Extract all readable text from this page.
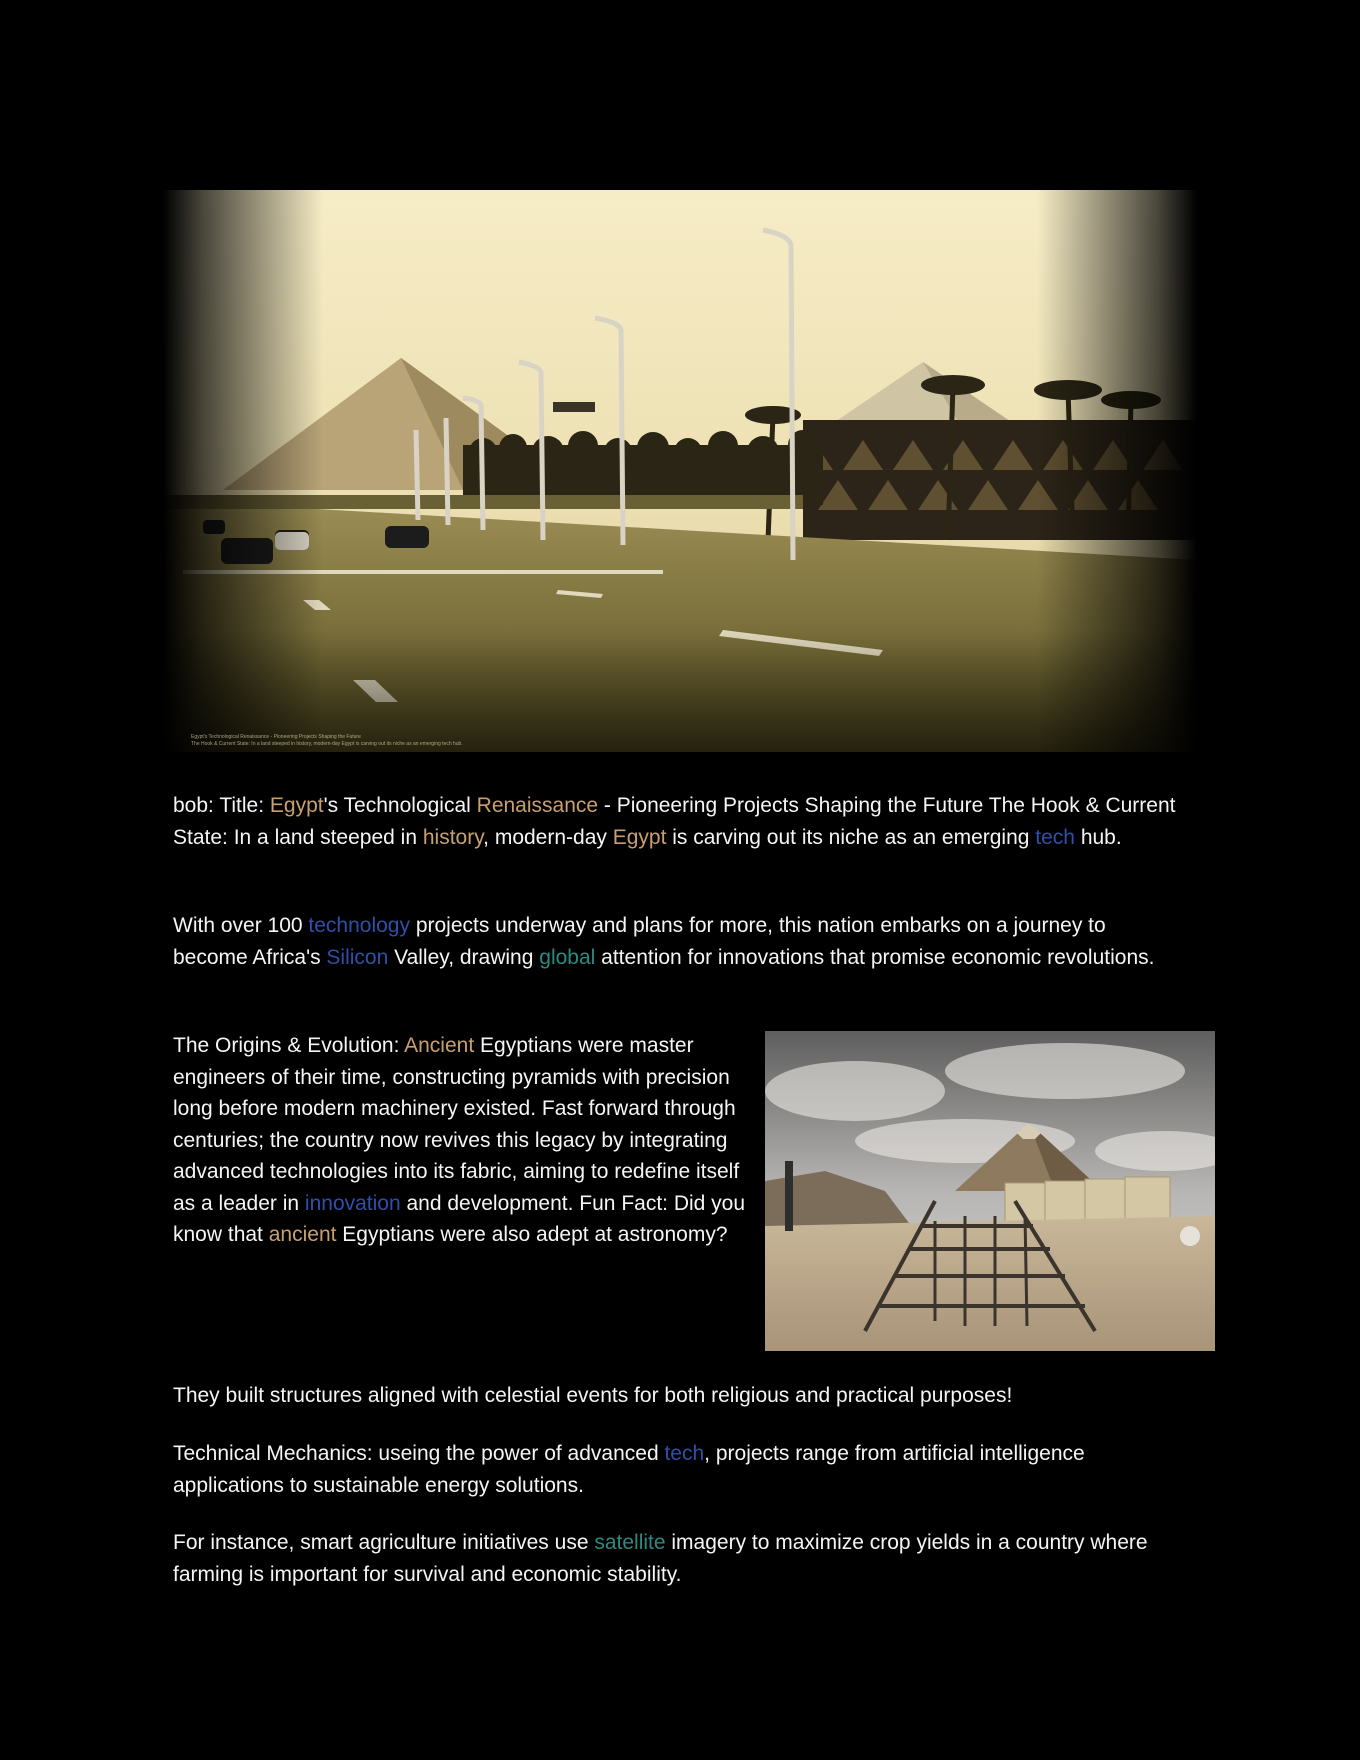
Egypt's Technological Renaissance - Pioneering Projects Shaping the Future
The Hook & Current State: In a land steeped in history, modern-day Egypt is carving out its niche as an emerging tech hub.

bob: Title: Egypt's Technological Renaissance - Pioneering Projects Shaping the Future The Hook & Current State: In a land steeped in history, modern-day Egypt is carving out its niche as an emerging tech hub.

With over 100 technology projects underway and plans for more, this nation embarks on a journey to become Africa's Silicon Valley, drawing global attention for innovations that promise economic revolutions.

The Origins & Evolution: Ancient Egyptians were master engineers of their time, constructing pyramids with precision long before modern machinery existed. Fast forward through centuries; the country now revives this legacy by integrating advanced technologies into its fabric, aiming to redefine itself as a leader in innovation and development. Fun Fact: Did you know that ancient Egyptians were also adept at astronomy?

They built structures aligned with celestial events for both religious and practical purposes!

Technical Mechanics: useing the power of advanced tech, projects range from artificial intelligence applications to sustainable energy solutions.

For instance, smart agriculture initiatives use satellite imagery to maximize crop yields in a country where farming is important for survival and economic stability.
